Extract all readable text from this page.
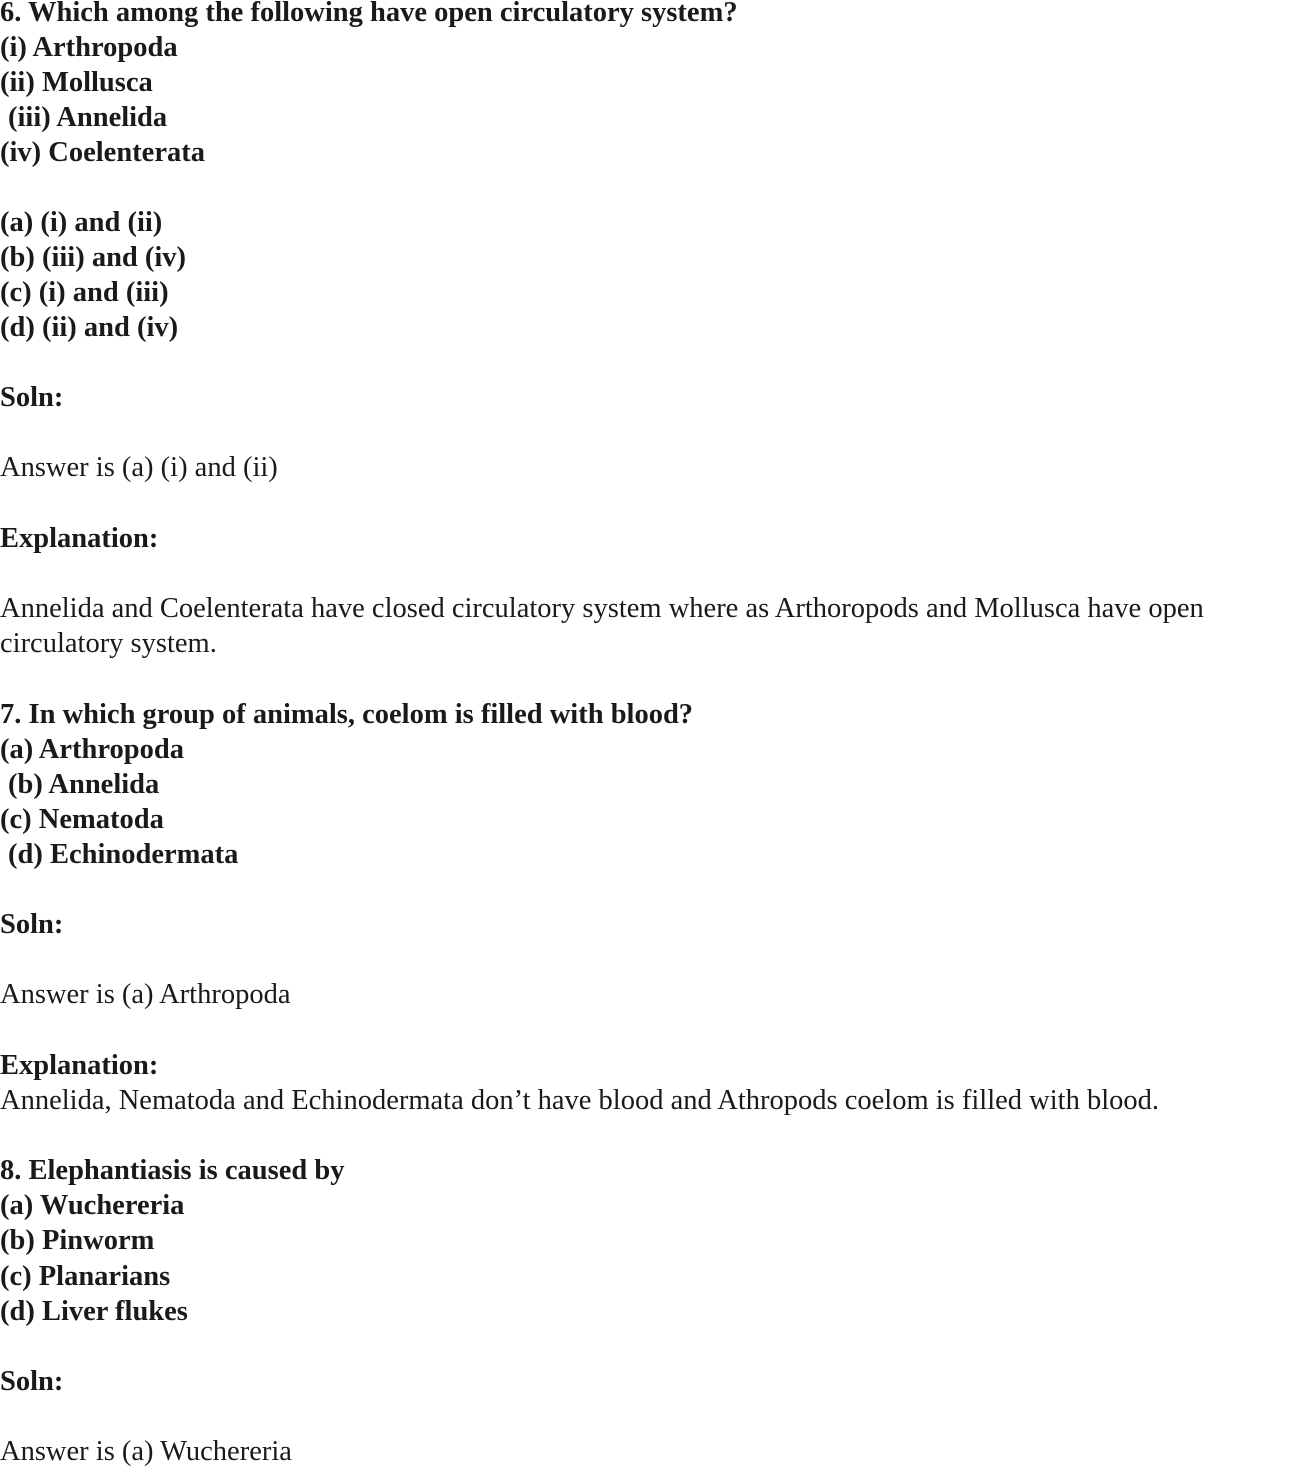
6. Which among the following have open circulatory system?
(i) Arthropoda
(ii) Mollusca
(iii) Annelida
(iv) Coelenterata
(a) (i) and (ii)
(b) (iii) and (iv)
(c) (i) and (iii)
(d) (ii) and (iv)
Soln:
Answer is (a) (i) and (ii)
Explanation:
Annelida and Coelenterata have closed circulatory system where as Arthoropods and Mollusca have open
circulatory system.
7. In which group of animals, coelom is filled with blood?
(a) Arthropoda
(b) Annelida
(c) Nematoda
(d) Echinodermata
Soln:
Answer is (a) Arthropoda
Explanation:
Annelida, Nematoda and Echinodermata don’t have blood and Athropods coelom is filled with blood.
8. Elephantiasis is caused by
(a) Wuchereria
(b) Pinworm
(c) Planarians
(d) Liver flukes
Soln:
Answer is (a) Wuchereria
